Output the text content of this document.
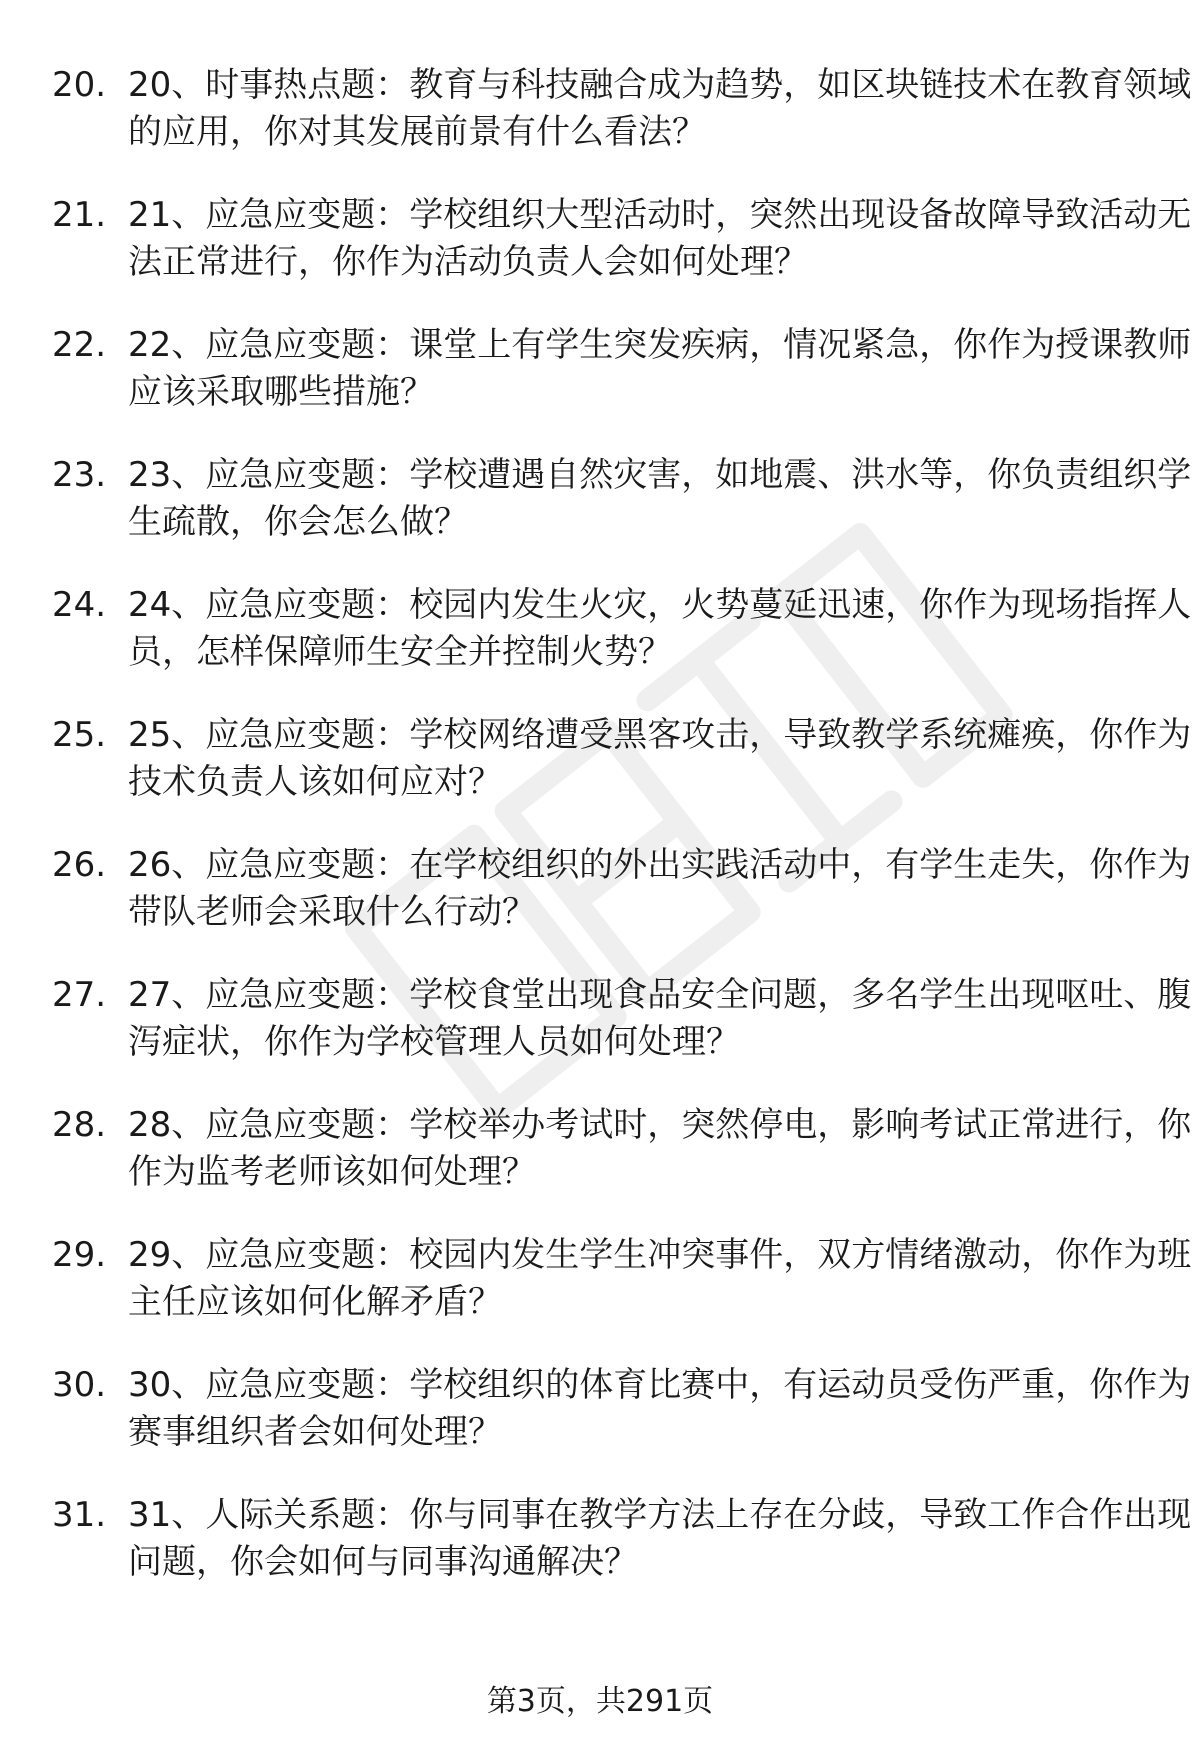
20. 20、时事热点题：教育与科技融合成为趋势，如区块链技术在教育领域的应用，你对其发展前景有什么看法？
21. 21、应急应变题：学校组织大型活动时，突然出现设备故障导致活动无法正常进行，你作为活动负责人会如何处理？
22. 22、应急应变题：课堂上有学生突发疾病，情况紧急，你作为授课教师应该采取哪些措施？
23. 23、应急应变题：学校遭遇自然灾害，如地震、洪水等，你负责组织学生疏散，你会怎么做？
24. 24、应急应变题：校园内发生火灾，火势蔓延迅速，你作为现场指挥人员，怎样保障师生安全并控制火势？
25. 25、应急应变题：学校网络遭受黑客攻击，导致教学系统瘫痪，你作为技术负责人该如何应对？
26. 26、应急应变题：在学校组织的外出实践活动中，有学生走失，你作为带队老师会采取什么行动？
27. 27、应急应变题：学校食堂出现食品安全问题，多名学生出现呕吐、腹泻症状，你作为学校管理人员如何处理？
28. 28、应急应变题：学校举办考试时，突然停电，影响考试正常进行，你作为监考老师该如何处理？
29. 29、应急应变题：校园内发生学生冲突事件，双方情绪激动，你作为班主任应该如何化解矛盾？
30. 30、应急应变题：学校组织的体育比赛中，有运动员受伤严重，你作为赛事组织者会如何处理？
31. 31、人际关系题：你与同事在教学方法上存在分歧，导致工作合作出现问题，你会如何与同事沟通解决？
第3页，共291页
